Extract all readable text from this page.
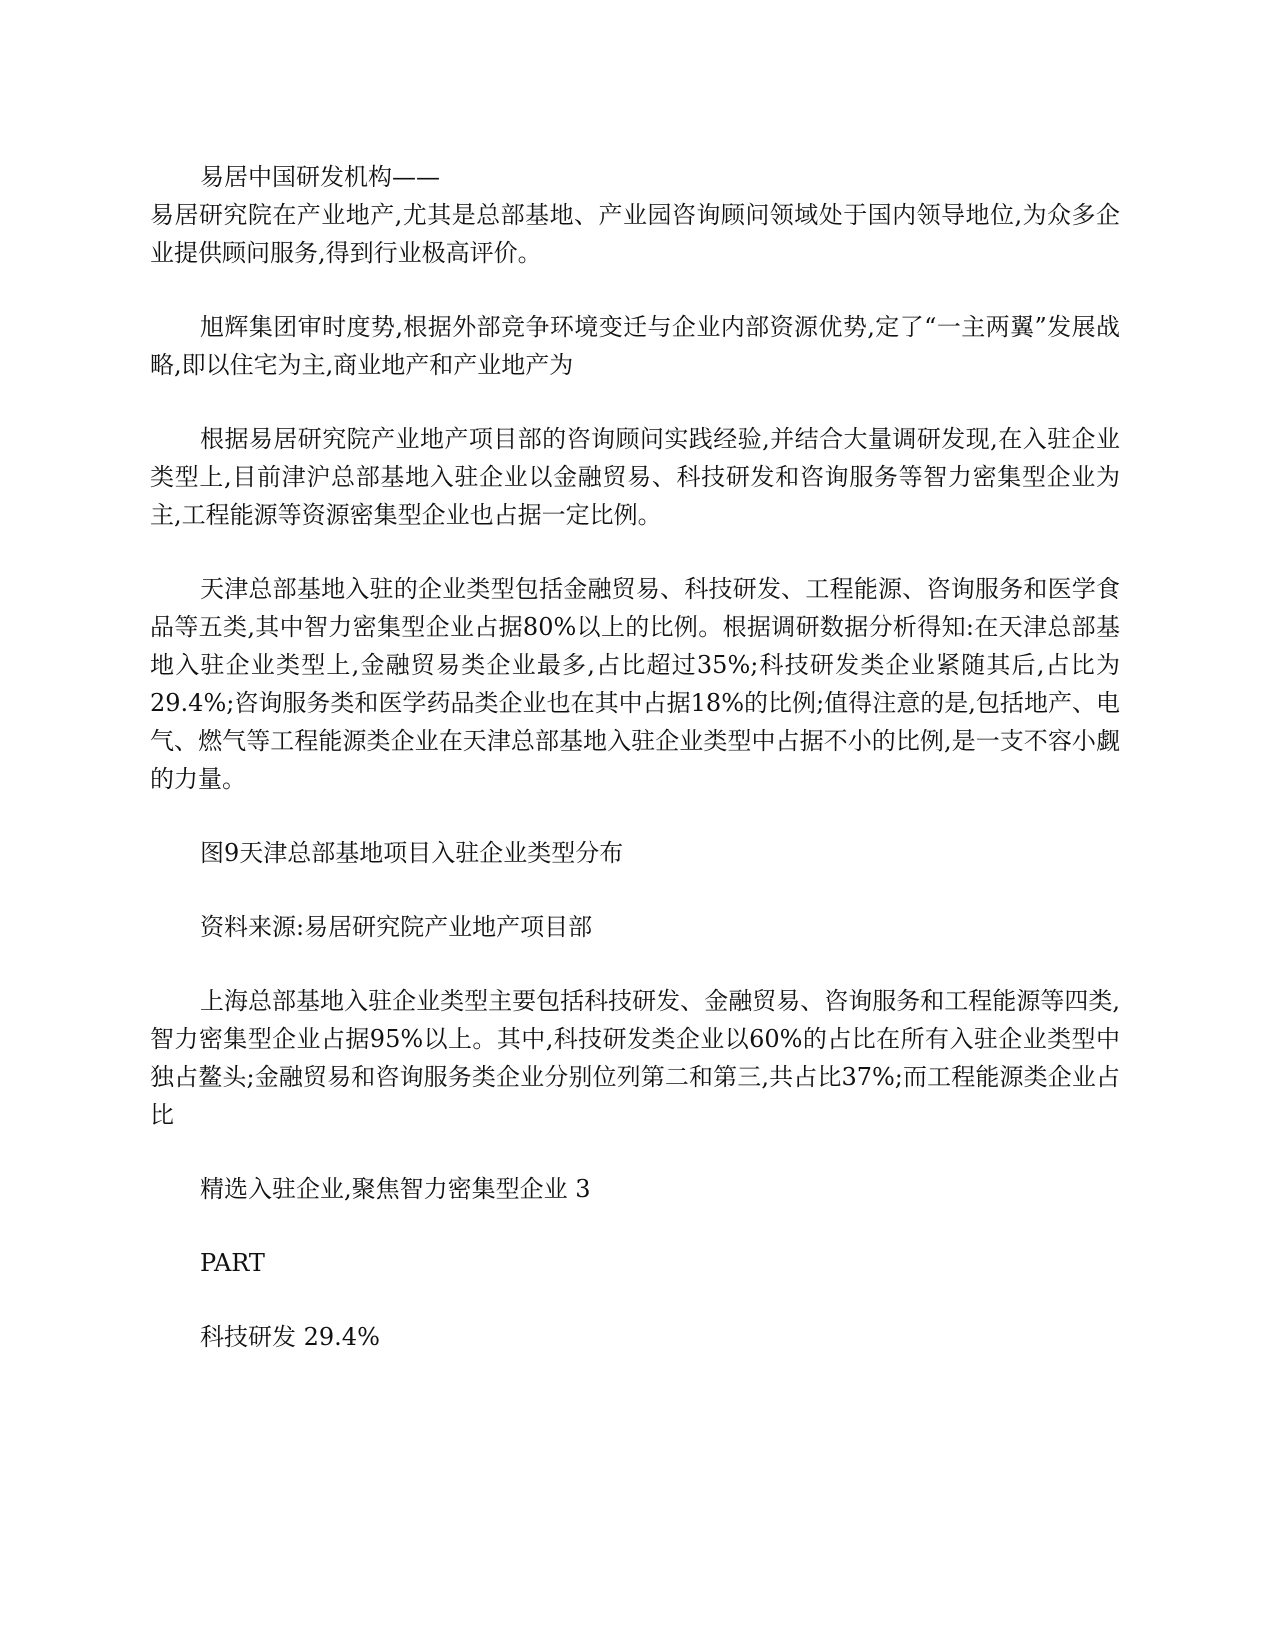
易居中国研发机构——

易居研究院在产业地产,尤其是总部基地、产业园咨询顾问领域处于国内领导地位,为众多企业提供顾问服务,得到行业极高评价。

旭辉集团审时度势,根据外部竞争环境变迁与企业内部资源优势,定了“一主两翼”发展战略,即以住宅为主,商业地产和产业地产为

根据易居研究院产业地产项目部的咨询顾问实践经验,并结合大量调研发现,在入驻企业类型上,目前津沪总部基地入驻企业以金融贸易、科技研发和咨询服务等智力密集型企业为主,工程能源等资源密集型企业也占据一定比例。

天津总部基地入驻的企业类型包括金融贸易、科技研发、工程能源、咨询服务和医学食品等五类,其中智力密集型企业占据80%以上的比例。根据调研数据分析得知:在天津总部基地入驻企业类型上,金融贸易类企业最多,占比超过35%;科技研发类企业紧随其后,占比为29.4%;咨询服务类和医学药品类企业也在其中占据18%的比例;值得注意的是,包括地产、电气、燃气等工程能源类企业在天津总部基地入驻企业类型中占据不小的比例,是一支不容小觑的力量。

图9天津总部基地项目入驻企业类型分布

资料来源:易居研究院产业地产项目部

上海总部基地入驻企业类型主要包括科技研发、金融贸易、咨询服务和工程能源等四类,智力密集型企业占据95%以上。其中,科技研发类企业以60%的占比在所有入驻企业类型中独占鳌头;金融贸易和咨询服务类企业分别位列第二和第三,共占比37%;而工程能源类企业占比

精选入驻企业,聚焦智力密集型企业 3

PART

科技研发 29.4%
